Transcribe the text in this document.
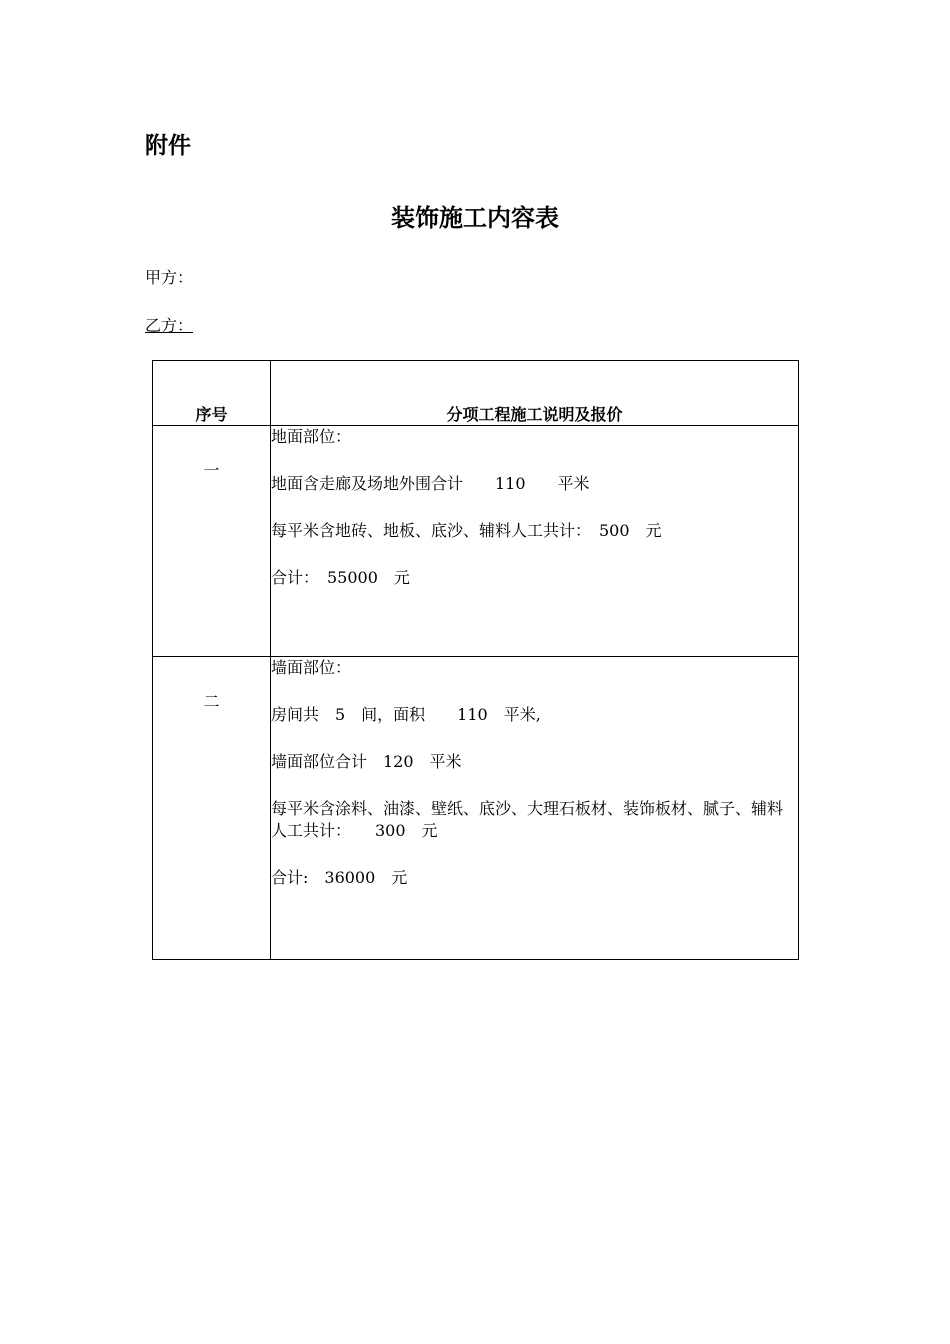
附件
装饰施工内容表

甲方：

乙方：

序号	分项工程施工说明及报价

一	地面部位：

地面含走廊及场地外围合计　　110　　平米

每平米含地砖、地板、底沙、辅料人工共计：　500　元

合计：　55000　元

二	墙面部位：

房间共　5　间，面积　　110　平米,

墙面部位合计　120　平米

每平米含涂料、油漆、壁纸、底沙、大理石板材、装饰板材、腻子、辅料人工共计：　　300　元

合计:　36000　元
